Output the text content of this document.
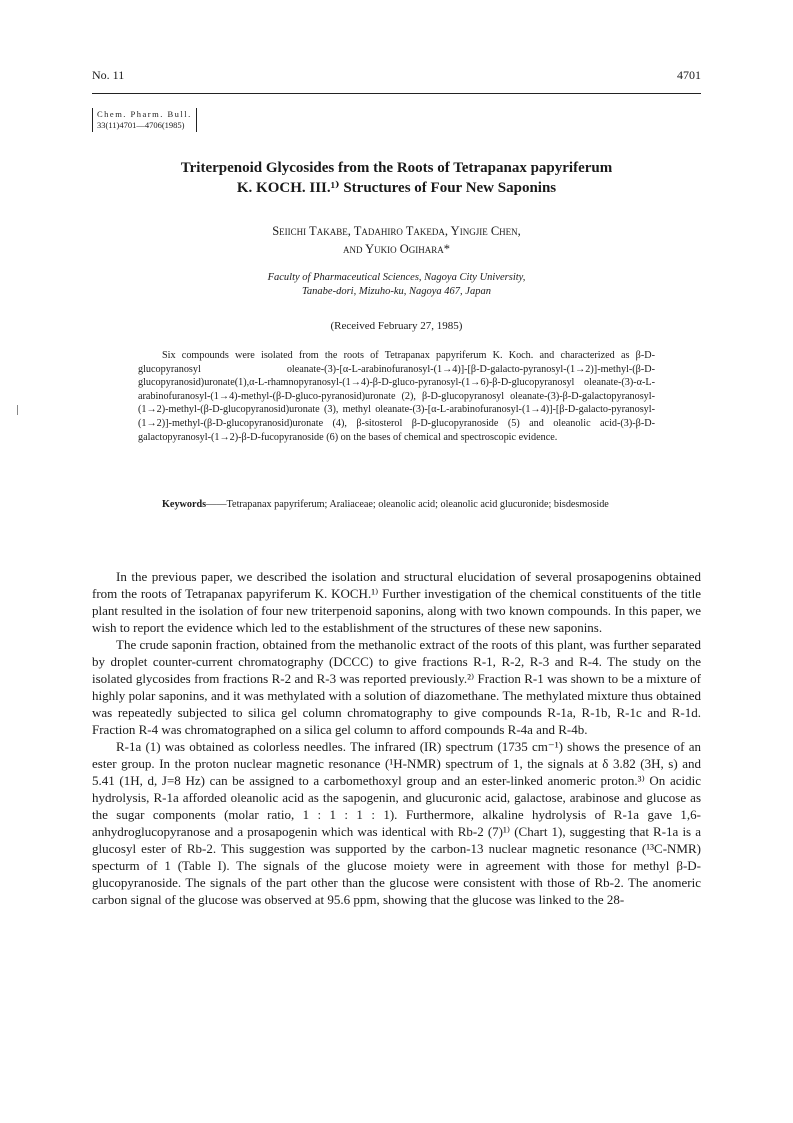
No. 11	4701
Chem. Pharm. Bull.
33(11)4701—4706(1985)
Triterpenoid Glycosides from the Roots of Tetrapanax papyriferum
K. KOCH. III.¹⁾ Structures of Four New Saponins
Seiichi Takabe, Tadahiro Takeda, Yingjie Chen,
and Yukio Ogihara*
Faculty of Pharmaceutical Sciences, Nagoya City University,
Tanabe-dori, Mizuho-ku, Nagoya 467, Japan
(Received February 27, 1985)
Six compounds were isolated from the roots of Tetrapanax papyriferum K. Koch. and characterized as β-D-glucopyranosyl oleanate-(3)-[α-L-arabinofuranosyl-(1→4)]-[β-D-galacto-pyranosyl-(1→2)]-methyl-(β-D-glucopyranosid)uronate(1),α-L-rhamnopyranosyl-(1→4)-β-D-gluco-pyranosyl-(1→6)-β-D-glucopyranosyl oleanate-(3)-α-L-arabinofuranosyl-(1→4)-methyl-(β-D-gluco-pyranosid)uronate (2), β-D-glucopyranosyl oleanate-(3)-β-D-galactopyranosyl-(1→2)-methyl-(β-D-glucopyranosid)uronate (3), methyl oleanate-(3)-[α-L-arabinofuranosyl-(1→4)]-[β-D-galacto-pyranosyl-(1→2)]-methyl-(β-D-glucopyranosid)uronate (4), β-sitosterol β-D-glucopyranoside (5) and oleanolic acid-(3)-β-D-galactopyranosyl-(1→2)-β-D-fucopyranoside (6) on the bases of chemical and spectroscopic evidence.
Keywords——Tetrapanax papyriferum; Araliaceae; oleanolic acid; oleanolic acid glucuronide; bisdesmoside

In the previous paper, we described the isolation and structural elucidation of several prosapogenins obtained from the roots of Tetrapanax papyriferum K. KOCH.¹⁾ Further investigation of the chemical constituents of the title plant resulted in the isolation of four new triterpenoid saponins, along with two known compounds. In this paper, we wish to report the evidence which led to the establishment of the structures of these new saponins.

The crude saponin fraction, obtained from the methanolic extract of the roots of this plant, was further separated by droplet counter-current chromatography (DCCC) to give fractions R-1, R-2, R-3 and R-4. The study on the isolated glycosides from fractions R-2 and R-3 was reported previously.²⁾ Fraction R-1 was shown to be a mixture of highly polar saponins, and it was methylated with a solution of diazomethane. The methylated mixture thus obtained was repeatedly subjected to silica gel column chromatography to give compounds R-1a, R-1b, R-1c and R-1d. Fraction R-4 was chromatographed on a silica gel column to afford compounds R-4a and R-4b.

R-1a (1) was obtained as colorless needles. The infrared (IR) spectrum (1735 cm⁻¹) shows the presence of an ester group. In the proton nuclear magnetic resonance (¹H-NMR) spectrum of 1, the signals at δ 3.82 (3H, s) and 5.41 (1H, d, J=8 Hz) can be assigned to a carbomethoxyl group and an ester-linked anomeric proton.³⁾ On acidic hydrolysis, R-1a afforded oleanolic acid as the sapogenin, and glucuronic acid, galactose, arabinose and glucose as the sugar components (molar ratio, 1 : 1 : 1 : 1). Furthermore, alkaline hydrolysis of R-1a gave 1,6-anhydroglucopyranose and a prosapogenin which was identical with Rb-2 (7)¹⁾ (Chart 1), suggesting that R-1a is a glucosyl ester of Rb-2. This suggestion was supported by the carbon-13 nuclear magnetic resonance (¹³C-NMR) specturm of 1 (Table I). The signals of the glucose moiety were in agreement with those for methyl β-D-glucopyranoside. The signals of the part other than the glucose were consistent with those of Rb-2. The anomeric carbon signal of the glucose was observed at 95.6 ppm, showing that the glucose was linked to the 28-
